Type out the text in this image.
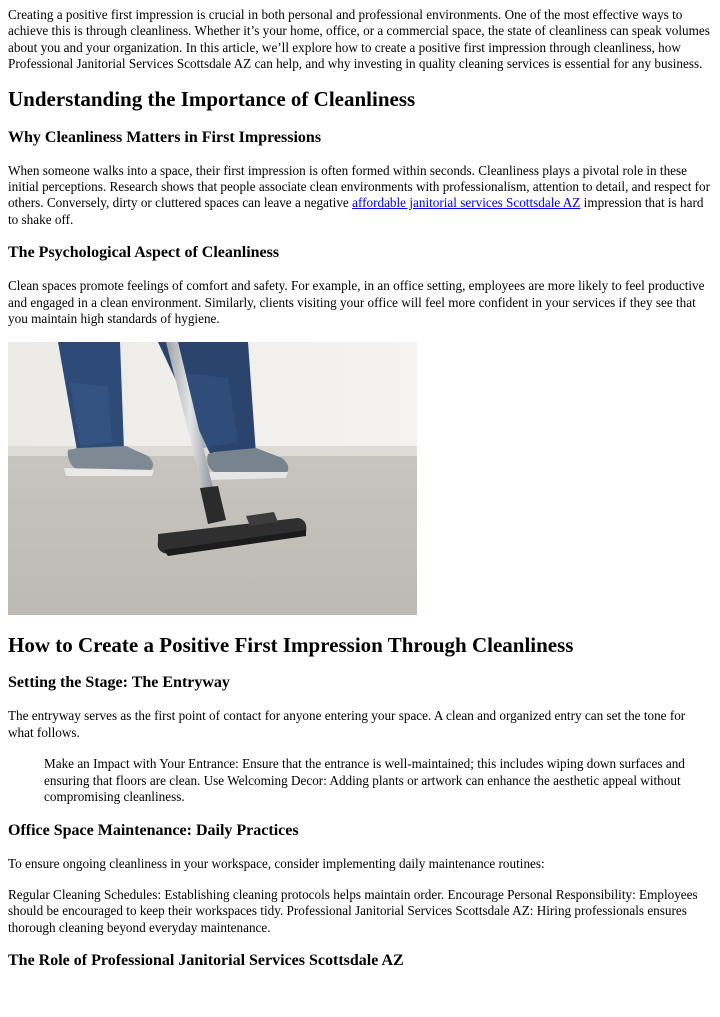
Creating a positive first impression is crucial in both personal and professional environments. One of the most effective ways to achieve this is through cleanliness. Whether it’s your home, office, or a commercial space, the state of cleanliness can speak volumes about you and your organization. In this article, we’ll explore how to create a positive first impression through cleanliness, how Professional Janitorial Services Scottsdale AZ can help, and why investing in quality cleaning services is essential for any business.

Understanding the Importance of Cleanliness
Why Cleanliness Matters in First Impressions

When someone walks into a space, their first impression is often formed within seconds. Cleanliness plays a pivotal role in these initial perceptions. Research shows that people associate clean environments with professionalism, attention to detail, and respect for others. Conversely, dirty or cluttered spaces can leave a negative affordable janitorial services Scottsdale AZ impression that is hard to shake off.

The Psychological Aspect of Cleanliness

Clean spaces promote feelings of comfort and safety. For example, in an office setting, employees are more likely to feel productive and engaged in a clean environment. Similarly, clients visiting your office will feel more confident in your services if they see that you maintain high standards of hygiene.

How to Create a Positive First Impression Through Cleanliness
Setting the Stage: The Entryway

The entryway serves as the first point of contact for anyone entering your space. A clean and organized entry can set the tone for what follows.

Make an Impact with Your Entrance: Ensure that the entrance is well-maintained; this includes wiping down surfaces and ensuring that floors are clean. Use Welcoming Decor: Adding plants or artwork can enhance the aesthetic appeal without compromising cleanliness.

Office Space Maintenance: Daily Practices

To ensure ongoing cleanliness in your workspace, consider implementing daily maintenance routines:

Regular Cleaning Schedules: Establishing cleaning protocols helps maintain order. Encourage Personal Responsibility: Employees should be encouraged to keep their workspaces tidy. Professional Janitorial Services Scottsdale AZ: Hiring professionals ensures thorough cleaning beyond everyday maintenance.

The Role of Professional Janitorial Services Scottsdale AZ
